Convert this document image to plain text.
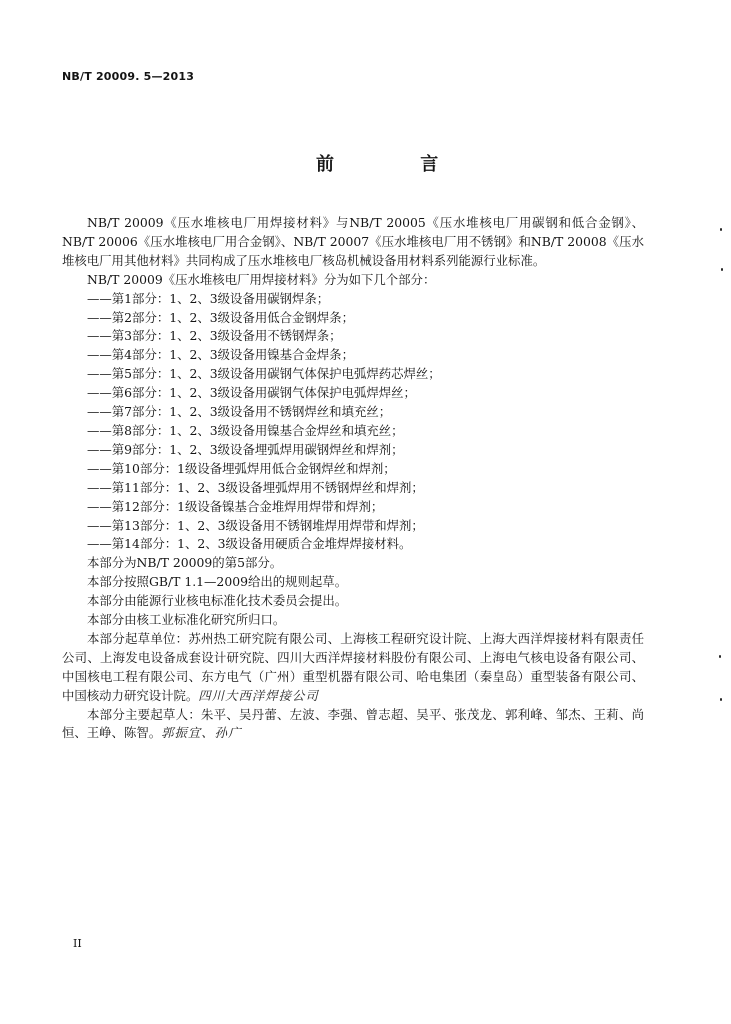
NB/T 20009. 5—2013
前 言

NB/T 20009《压水堆核电厂用焊接材料》与NB/T 20005《压水堆核电厂用碳钢和低合金钢》、NB/T 20006《压水堆核电厂用合金钢》、NB/T 20007《压水堆核电厂用不锈钢》和NB/T 20008《压水堆核电厂用其他材料》共同构成了压水堆核电厂核岛机械设备用材料系列能源行业标准。

NB/T 20009《压水堆核电厂用焊接材料》分为如下几个部分：

——第1部分：1、2、3级设备用碳钢焊条；

——第2部分：1、2、3级设备用低合金钢焊条；

——第3部分：1、2、3级设备用不锈钢焊条；

——第4部分：1、2、3级设备用镍基合金焊条；

——第5部分：1、2、3级设备用碳钢气体保护电弧焊药芯焊丝；

——第6部分：1、2、3级设备用碳钢气体保护电弧焊焊丝；

——第7部分：1、2、3级设备用不锈钢焊丝和填充丝；

——第8部分：1、2、3级设备用镍基合金焊丝和填充丝；

——第9部分：1、2、3级设备埋弧焊用碳钢焊丝和焊剂；

——第10部分：1级设备埋弧焊用低合金钢焊丝和焊剂；

——第11部分：1、2、3级设备埋弧焊用不锈钢焊丝和焊剂；

——第12部分：1级设备镍基合金堆焊用焊带和焊剂；

——第13部分：1、2、3级设备用不锈钢堆焊用焊带和焊剂；

——第14部分：1、2、3级设备用硬质合金堆焊焊接材料。

本部分为NB/T 20009的第5部分。

本部分按照GB/T 1.1—2009给出的规则起草。

本部分由能源行业核电标准化技术委员会提出。

本部分由核工业标准化研究所归口。

本部分起草单位：苏州热工研究院有限公司、上海核工程研究设计院、上海大西洋焊接材料有限责任公司、上海发电设备成套设计研究院、四川大西洋焊接材料股份有限公司、上海电气核电设备有限公司、中国核电工程有限公司、东方电气（广州）重型机器有限公司、哈电集团（秦皇岛）重型装备有限公司、中国核动力研究设计院。四川大西洋焊接公司

本部分主要起草人：朱平、吴丹蕾、左波、李强、曾志超、吴平、张茂龙、郭利峰、邹杰、王莉、尚恒、王峥、陈智。郭振宜、孙广

II
